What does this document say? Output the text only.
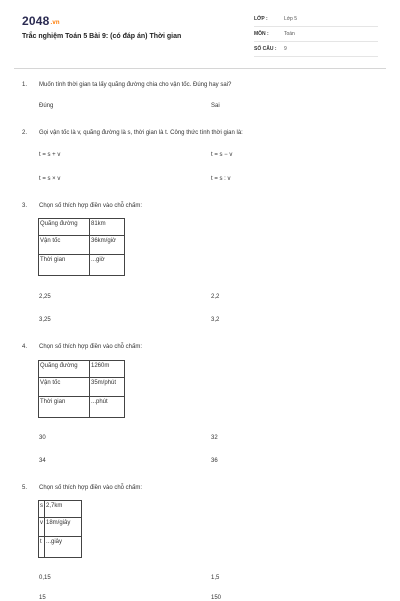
2048.vn
Trắc nghiệm Toán 5 Bài 9: (có đáp án) Thời gian
LỚP :	Lớp 5
MÔN :	Toán
SỐ CÂU : 9
1. Muốn tính thời gian ta lấy quãng đường chia cho vận tốc. Đúng hay sai?
Đúng	Sai
2. Gọi vận tốc là v, quãng đường là s, thời gian là t. Công thức tính thời gian là:
t = s + v	t = s − v
t = s × v	t = s : v
3. Chọn số thích hợp điền vào chỗ chấm:
Quãng đường	81km
Vận tốc	36km/giờ
Thời gian	...giờ
2,25	2,2
3,25	3,2
4. Chọn số thích hợp điền vào chỗ chấm:
Quãng đường	1260m
Vận tốc	35m/phút
Thời gian	...phút
30	32
34	36
5. Chọn số thích hợp điền vào chỗ chấm:
s	2,7km
v	18m/giây
t	...giây
0,15	1,5
15	150
